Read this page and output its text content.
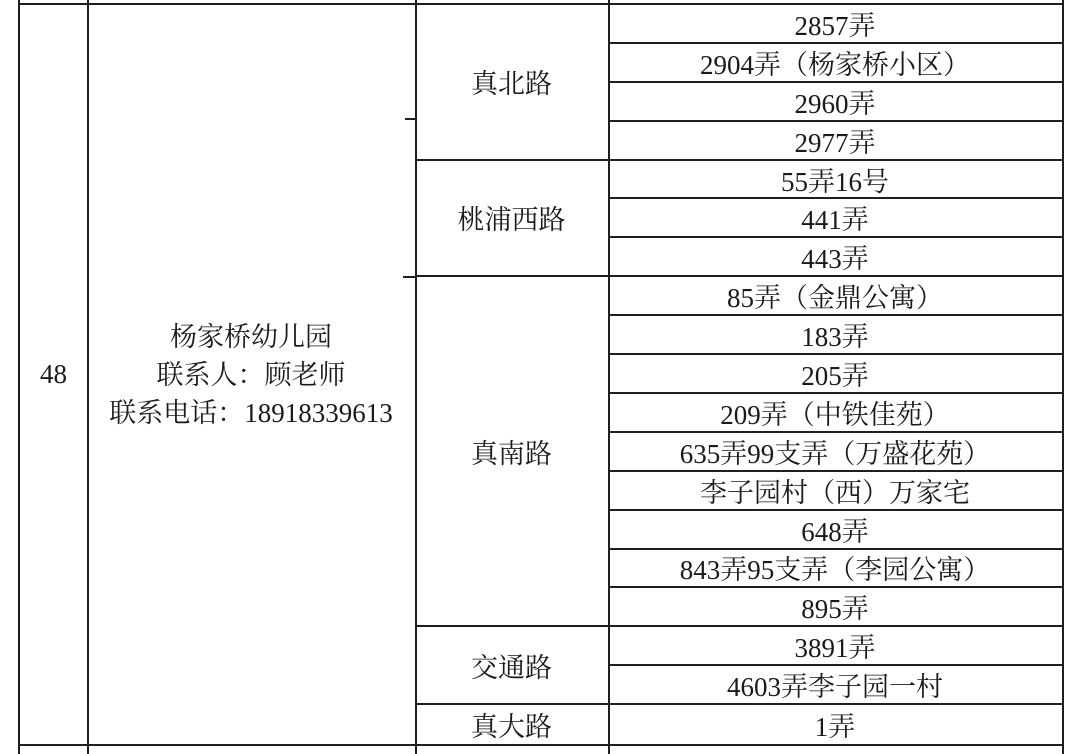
48
杨家桥幼儿园
联系人：顾老师
联系电话：18918339613
真北路
桃浦西路
真南路
交通路
真大路
2857弄
2904弄（杨家桥小区）
2960弄
2977弄
55弄16号
441弄
443弄
85弄（金鼎公寓）
183弄
205弄
209弄（中铁佳苑）
635弄99支弄（万盛花苑）
李子园村（西）万家宅
648弄
843弄95支弄（李园公寓）
895弄
3891弄
4603弄李子园一村
1弄
